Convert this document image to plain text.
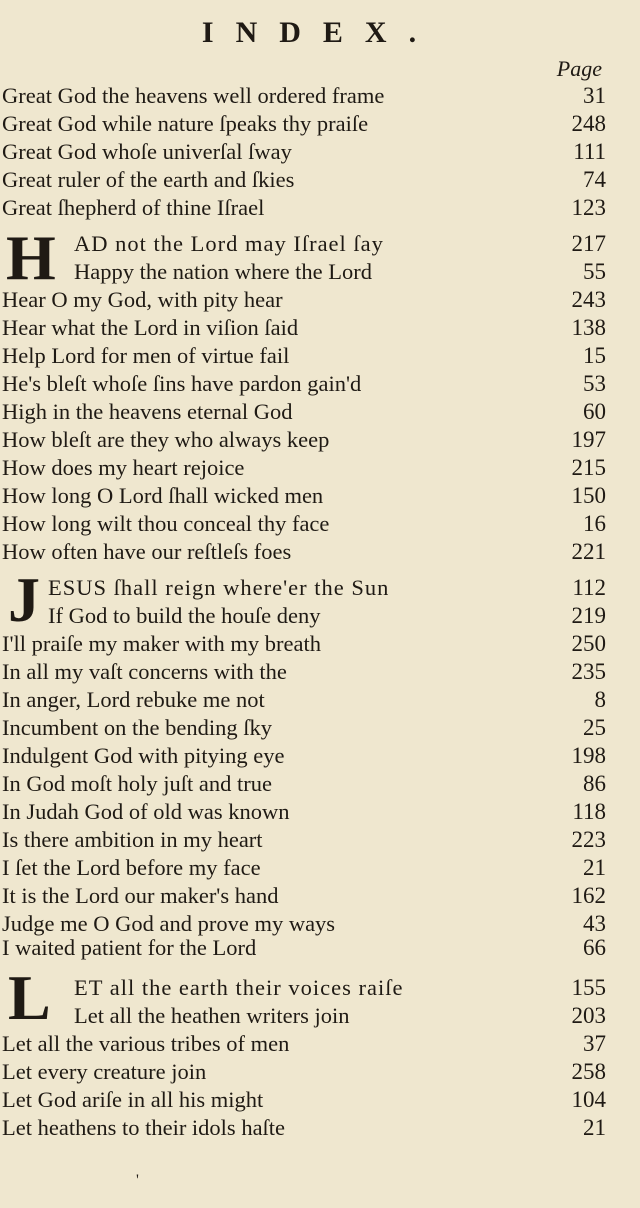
INDEX.
Page
Great God the heavens well ordered frame	31
Great God while nature ſpeaks thy praiſe	248
Great God whoſe univerſal ſway	111
Great ruler of the earth and ſkies	74
Great ſhepherd of thine Iſrael	123
H AD not the Lord may Iſrael ſay	217
Happy the nation where the Lord	55
Hear O my God, with pity hear	243
Hear what the Lord in viſion ſaid	138
Help Lord for men of virtue fail	15
He's bleſt whoſe ſins have pardon gain'd	53
High in the heavens eternal God	60
How bleſt are they who always keep	197
How does my heart rejoice	215
How long O Lord ſhall wicked men	150
How long wilt thou conceal thy face	16
How often have our reſtleſs foes	221
J ESUS ſhall reign where'er the Sun	112
If God to build the houſe deny	219
I'll praiſe my maker with my breath	250
In all my vaſt concerns with the	235
In anger, Lord rebuke me not	8
Incumbent on the bending ſky	25
Indulgent God with pitying eye	198
In God moſt holy juſt and true	86
In Judah God of old was known	118
Is there ambition in my heart	223
I ſet the Lord before my face	21
It is the Lord our maker's hand	162
Judge me O God and prove my ways	43
I waited patient for the Lord	66
L ET all the earth their voices raiſe	155
Let all the heathen writers join	203
Let all the various tribes of men	37
Let every creature join	258
Let God ariſe in all his might	104
Let heathens to their idols haſte	21
'
